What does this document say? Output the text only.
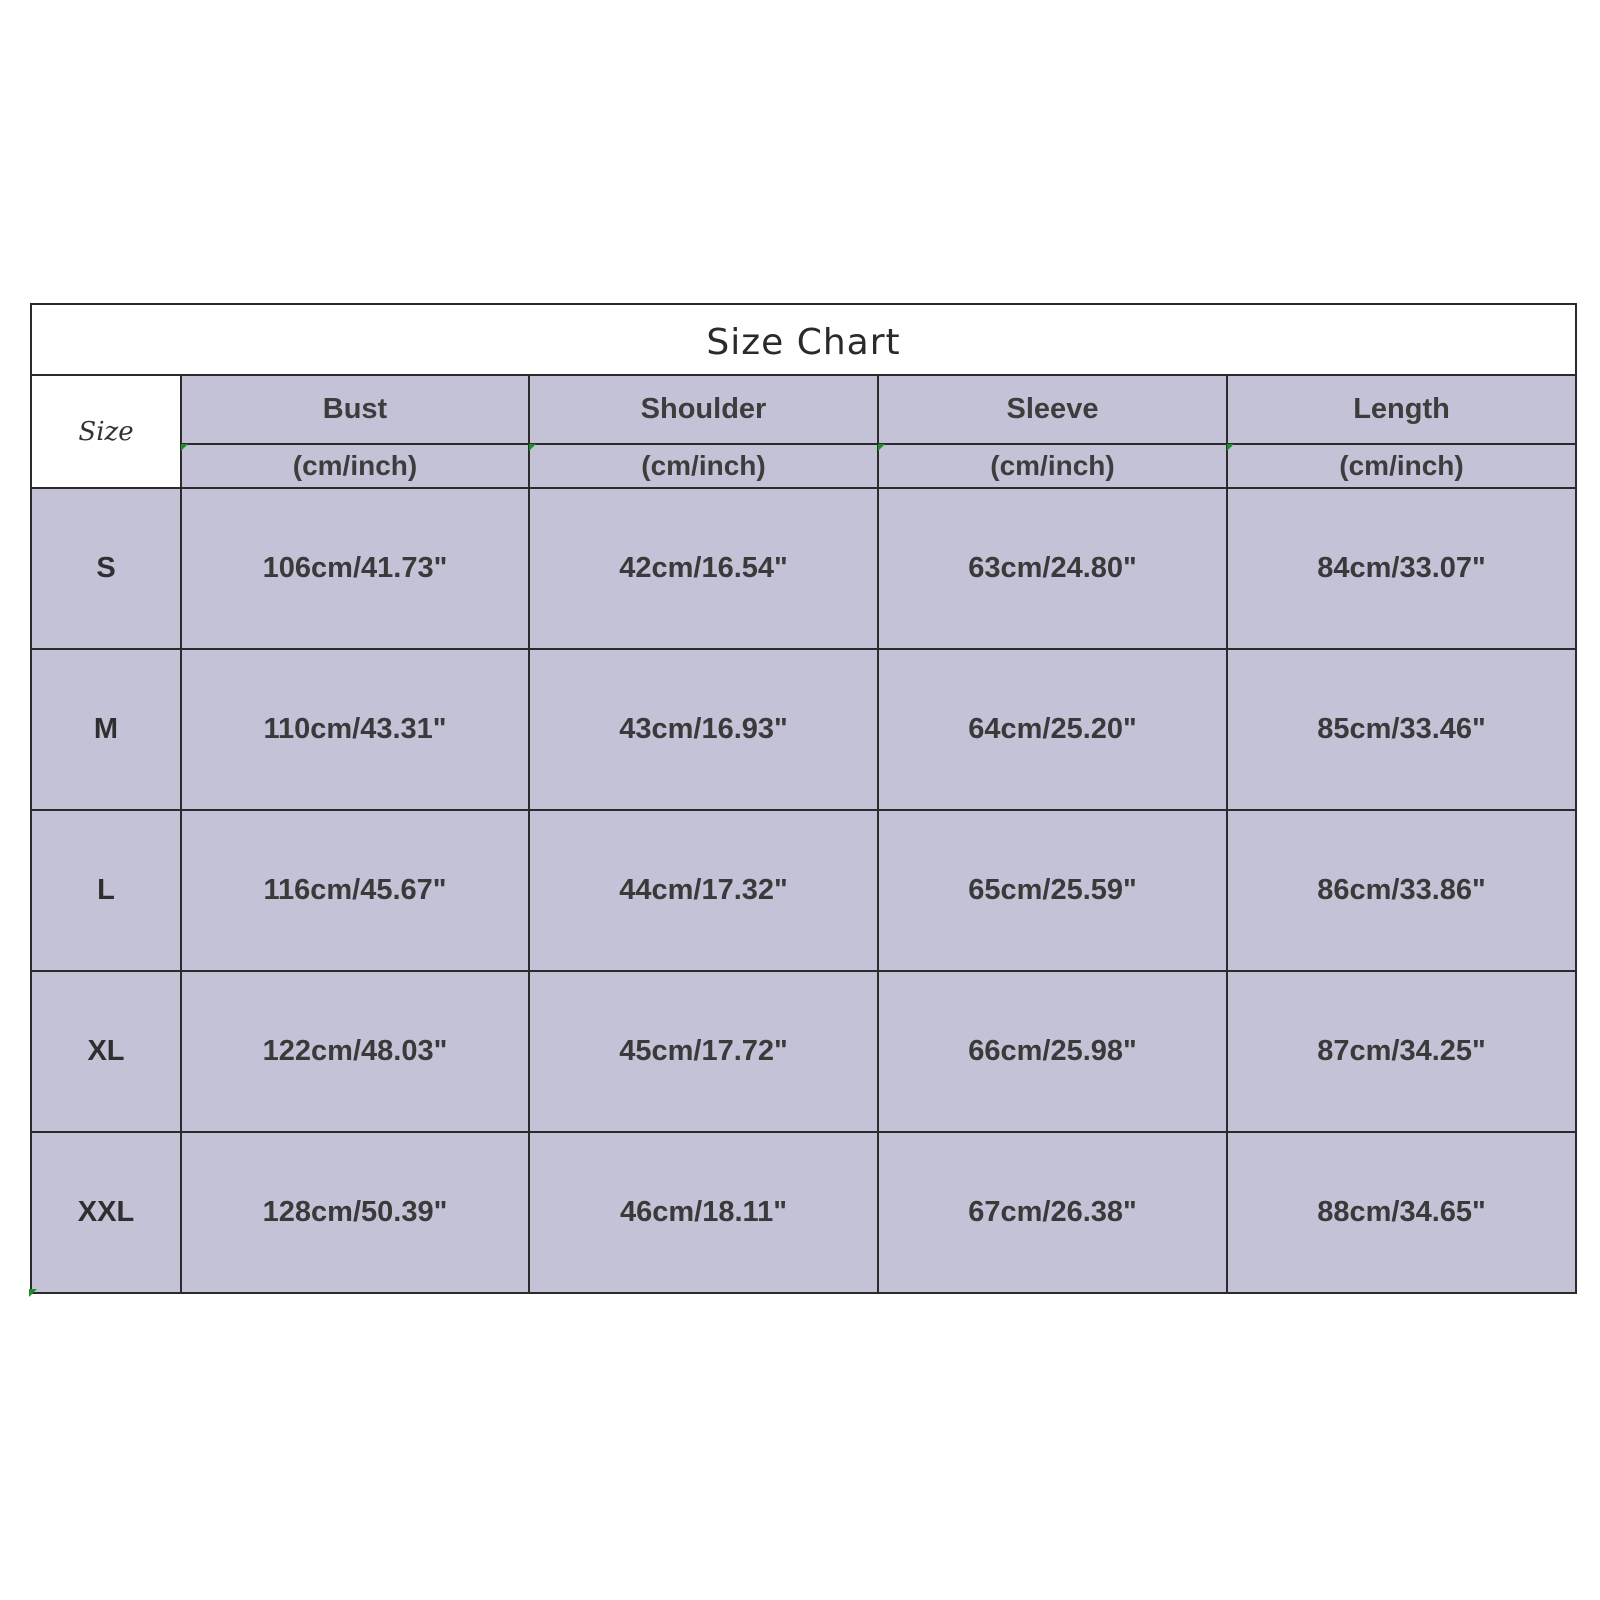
Size Chart				
Size	Bust	Shoulder	Sleeve	Length

(cm/inch)	(cm/inch)	(cm/inch)	(cm/inch)
S	106cm/41.73"	42cm/16.54"	63cm/24.80"	84cm/33.07"
M	110cm/43.31"	43cm/16.93"	64cm/25.20"	85cm/33.46"
L	116cm/45.67"	44cm/17.32"	65cm/25.59"	86cm/33.86"
XL	122cm/48.03"	45cm/17.72"	66cm/25.98"	87cm/34.25"
XXL	128cm/50.39"	46cm/18.11"	67cm/26.38"	88cm/34.65"
